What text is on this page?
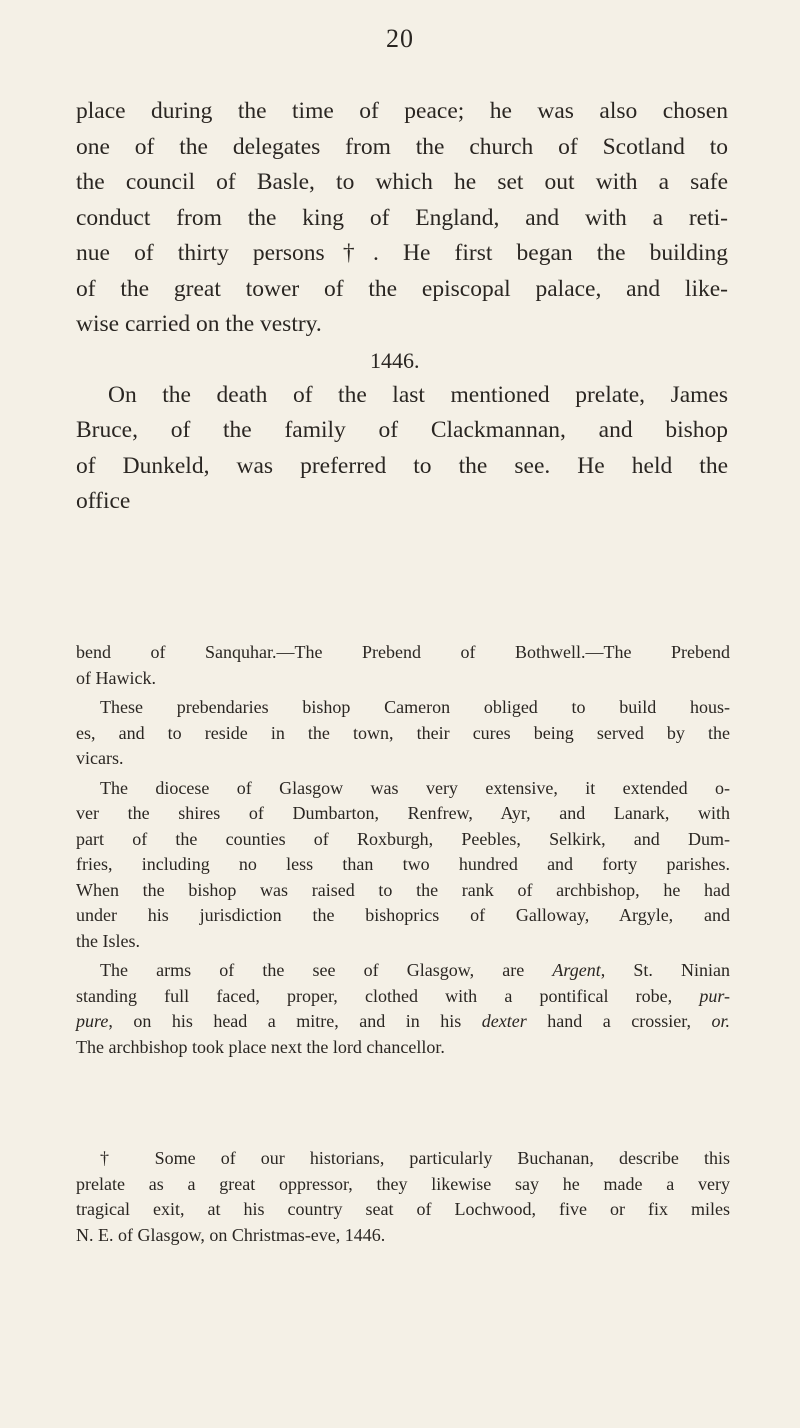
20

place during the time of peace; he was also chosen

one of the delegates from the church of Scotland to

the council of Basle, to which he set out with a safe

conduct from the king of England, and with a reti-

nue of thirty persons†. He first began the building

of the great tower of the episcopal palace, and like-

wise carried on the vestry.

1446.

On the death of the last mentioned prelate, James

Bruce, of the family of Clackmannan, and bishop

of Dunkeld, was preferred to the see. He held the

office

bend of Sanquhar.—The Prebend of Bothwell.—The Prebend

of Hawick.

These prebendaries bishop Cameron obliged to build hous-

es, and to reside in the town, their cures being served by the

vicars.

The diocese of Glasgow was very extensive, it extended o-

ver the shires of Dumbarton, Renfrew, Ayr, and Lanark, with

part of the counties of Roxburgh, Peebles, Selkirk, and Dum-

fries, including no less than two hundred and forty parishes.

When the bishop was raised to the rank of archbishop, he had

under his jurisdiction the bishoprics of Galloway, Argyle, and

the Isles.

The arms of the see of Glasgow, are Argent, St. Ninian

standing full faced, proper, clothed with a pontifical robe, pur-

pure, on his head a mitre, and in his dexter hand a crossier, or.

The archbishop took place next the lord chancellor.

† Some of our historians, particularly Buchanan, describe this

prelate as a great oppressor, they likewise say he made a very

tragical exit, at his country seat of Lochwood, five or fix miles

N. E. of Glasgow, on Christmas-eve, 1446.
